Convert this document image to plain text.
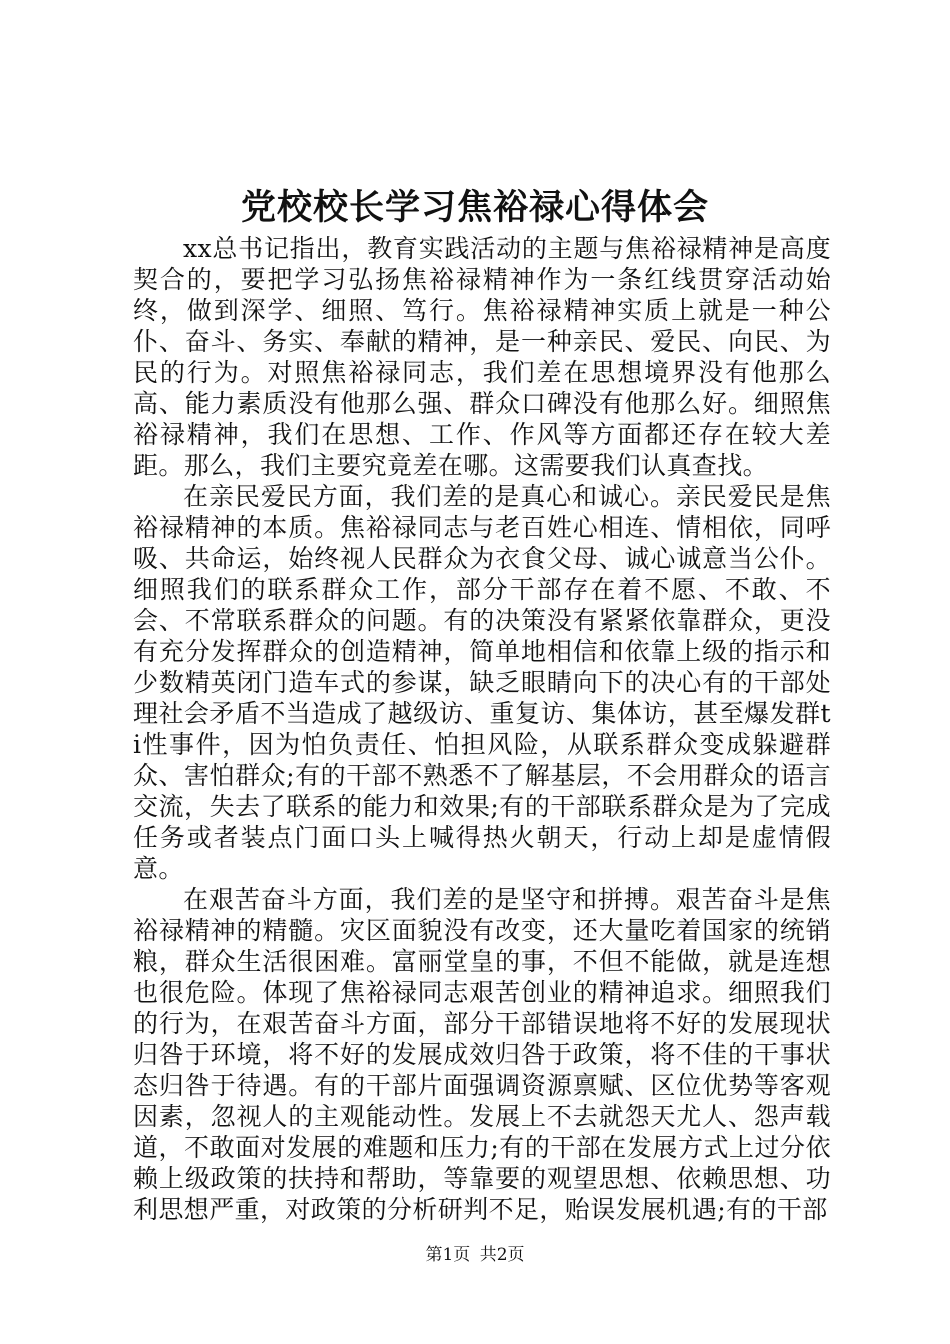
党校校长学习焦裕禄心得体会

xx总书记指出，教育实践活动的主题与焦裕禄精神是高度契合的，要把学习弘扬焦裕禄精神作为一条红线贯穿活动始终，做到深学、细照、笃行。焦裕禄精神实质上就是一种公仆、奋斗、务实、奉献的精神，是一种亲民、爱民、向民、为民的行为。对照焦裕禄同志，我们差在思想境界没有他那么高、能力素质没有他那么强、群众口碑没有他那么好。细照焦裕禄精神，我们在思想、工作、作风等方面都还存在较大差距。那么，我们主要究竟差在哪。这需要我们认真查找。

在亲民爱民方面，我们差的是真心和诚心。亲民爱民是焦裕禄精神的本质。焦裕禄同志与老百姓心相连、情相依，同呼吸、共命运，始终视人民群众为衣食父母、诚心诚意当公仆。细照我们的联系群众工作，部分干部存在着不愿、不敢、不会、不常联系群众的问题。有的决策没有紧紧依靠群众，更没有充分发挥群众的创造精神，简单地相信和依靠上级的指示和少数精英闭门造车式的参谋，缺乏眼睛向下的决心有的干部处理社会矛盾不当造成了越级访、重复访、集体访，甚至爆发群ti性事件，因为怕负责任、怕担风险，从联系群众变成躲避群众、害怕群众;有的干部不熟悉不了解基层，不会用群众的语言交流，失去了联系的能力和效果;有的干部联系群众是为了完成任务或者装点门面口头上喊得热火朝天，行动上却是虚情假意。

在艰苦奋斗方面，我们差的是坚守和拼搏。艰苦奋斗是焦裕禄精神的精髓。灾区面貌没有改变，还大量吃着国家的统销粮，群众生活很困难。富丽堂皇的事，不但不能做，就是连想也很危险。体现了焦裕禄同志艰苦创业的精神追求。细照我们的行为，在艰苦奋斗方面，部分干部错误地将不好的发展现状归咎于环境，将不好的发展成效归咎于政策，将不佳的干事状态归咎于待遇。有的干部片面强调资源禀赋、区位优势等客观因素，忽视人的主观能动性。发展上不去就怨天尤人、怨声载道，不敢面对发展的难题和压力;有的干部在发展方式上过分依赖上级政策的扶持和帮助，等靠要的观望思想、依赖思想、功利思想严重，对政策的分析研判不足，贻误发展机遇;有的干部

第1页 共2页
